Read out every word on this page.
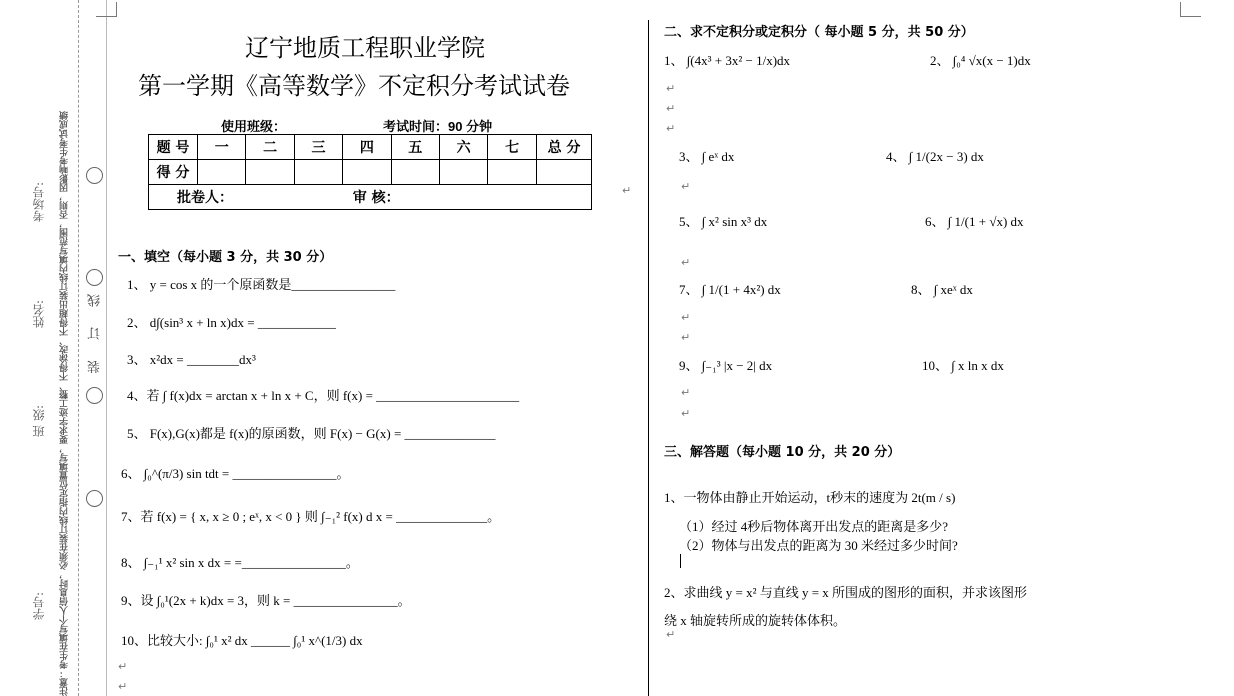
装 订 线
考场号:
姓名:
班 级:
学号: 注意：考生在填写个人信息时，必须在装订线内指定位置填写，要求字迹工整、不得涂改、不得超出装订线内填写范围，否则，因影响考生考试成绩
辽宁地质工程职业学院
第一学期《高等数学》不定积分考试试卷
使用班级：	考试时间：90 分钟
题 号	一	二	三	四	五	六	七	总 分
得 分								
批卷人： 审 核：								
一、填空（每小题 3 分，共 30 分）
1、 y = cos x 的一个原函数是________________
2、 d∫(sin³ x + ln x)dx = ____________
3、 x²dx = ________dx³
4、若 ∫ f(x)dx = arctan x + ln x + C，则 f(x) = ______________________
5、 F(x),G(x)都是 f(x)的原函数，则 F(x) − G(x) = ______________
6、 ∫₀^(π/3) sin tdt = ________________。
7、若 f(x) = { x, x ≥ 0 ; eˣ, x < 0 } 则 ∫₋₁² f(x) d x = ______________。
8、 ∫₋₁¹ x² sin x dx = =________________。
9、设 ∫₀¹(2x + k)dx = 3，则 k = ________________。
10、比较大小: ∫₀¹ x² dx ______ ∫₀¹ x^(1/3) dx
二、求不定积分或定积分（ 每小题 5 分，共 50 分）
1、 ∫(4x³ + 3x² − 1/x)dx	2、 ∫₀⁴ √x(x − 1)dx
3、 ∫ eˣ dx	4、 ∫ 1/(2x − 3) dx
5、 ∫ x² sin x³ dx	6、 ∫ 1/(1 + √x) dx
7、 ∫ 1/(1 + 4x²) dx	8、 ∫ xeˣ dx
9、 ∫₋₁³ |x − 2| dx	10、 ∫ x ln x dx
三、解答题（每小题 10 分，共 20 分）
1、一物体由静止开始运动，t秒末的速度为 2t(m / s)
（1）经过 4秒后物体离开出发点的距离是多少?
（2）物体与出发点的距离为 30 米经过多少时间?
2、求曲线 y = x² 与直线 y = x 所围成的图形的面积，并求该图形
绕 x 轴旋转所成的旋转体体积。
↵
↵
↵
↵
↵
↵
↵
↵
↵
↵
↵
↵
↵
